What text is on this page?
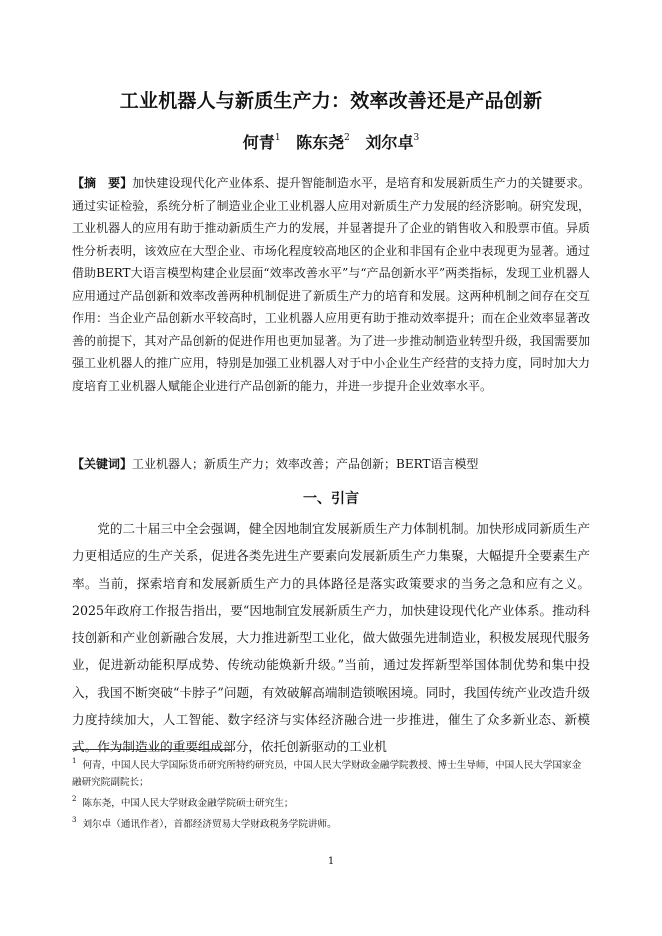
工业机器人与新质生产力：效率改善还是产品创新
何青$^1$ 陈东尧$^2$ 刘尔卓$^3$
【摘　要】加快建设现代化产业体系、提升智能制造水平，是培育和发展新质生产力的关键要求。通过实证检验，系统分析了制造业企业工业机器人应用对新质生产力发展的经济影响。研究发现，工业机器人的应用有助于推动新质生产力的发展，并显著提升了企业的销售收入和股票市值。异质性分析表明，该效应在大型企业、市场化程度较高地区的企业和非国有企业中表现更为显著。通过借助BERT大语言模型构建企业层面“效率改善水平”与“产品创新水平”两类指标，发现工业机器人应用通过产品创新和效率改善两种机制促进了新质生产力的培育和发展。这两种机制之间存在交互作用：当企业产品创新水平较高时，工业机器人应用更有助于推动效率提升；而在企业效率显著改善的前提下，其对产品创新的促进作用也更加显著。为了进一步推动制造业转型升级，我国需要加强工业机器人的推广应用，特别是加强工业机器人对于中小企业生产经营的支持力度，同时加大力度培育工业机器人赋能企业进行产品创新的能力，并进一步提升企业效率水平。
【关键词】工业机器人；新质生产力；效率改善；产品创新；BERT语言模型
一、引言
党的二十届三中全会强调，健全因地制宜发展新质生产力体制机制。加快形成同新质生产力更相适应的生产关系，促进各类先进生产要素向发展新质生产力集聚，大幅提升全要素生产率。当前，探索培育和发展新质生产力的具体路径是落实政策要求的当务之急和应有之义。2025年政府工作报告指出，要“因地制宜发展新质生产力，加快建设现代化产业体系。推动科技创新和产业创新融合发展，大力推进新型工业化，做大做强先进制造业，积极发展现代服务业，促进新动能积厚成势、传统动能焕新升级。”当前，通过发挥新型举国体制优势和集中投入，我国不断突破“卡脖子”问题，有效破解高端制造锁喉困境。同时，我国传统产业改造升级力度持续加大，人工智能、数字经济与实体经济融合进一步推进，催生了众多新业态、新模式。作为制造业的重要组成部分，依托创新驱动的工业机
$^1$ 何青，中国人民大学国际货币研究所特约研究员，中国人民大学财政金融学院教授、博士生导师，中国人民大学国家金融研究院副院长；
$^2$ 陈东尧，中国人民大学财政金融学院硕士研究生；
$^3$ 刘尔卓（通讯作者），首都经济贸易大学财政税务学院讲师。
1
